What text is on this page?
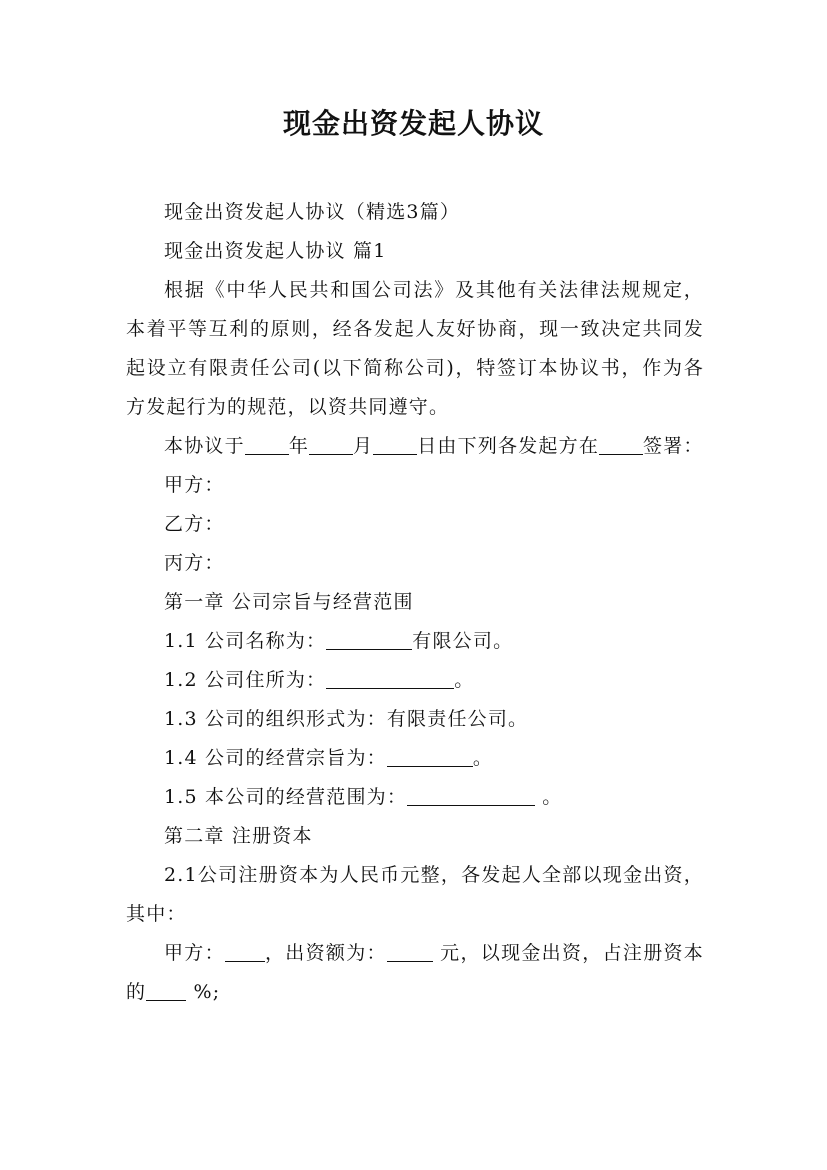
现金出资发起人协议

现金出资发起人协议（精选3篇）

现金出资发起人协议 篇1

根据《中华人民共和国公司法》及其他有关法律法规规定，本着平等互利的原则，经各发起人友好协商，现一致决定共同发起设立有限责任公司(以下简称公司)，特签订本协议书，作为各方发起行为的规范，以资共同遵守。

本协议于 年 月 日由下列各发起方在 签署：

甲方：

乙方：

丙方：

第一章 公司宗旨与经营范围

1.1 公司名称为：	有限公司。

1.2 公司住所为：	。

1.3 公司的组织形式为：有限责任公司。

1.4 公司的经营宗旨为：	。

1.5 本公司的经营范围为：	。

第二章 注册资本

2.1公司注册资本为人民币元整，各发起人全部以现金出资，其中：

甲方： ，出资额为： 元，以现金出资，占注册资本的 %;
